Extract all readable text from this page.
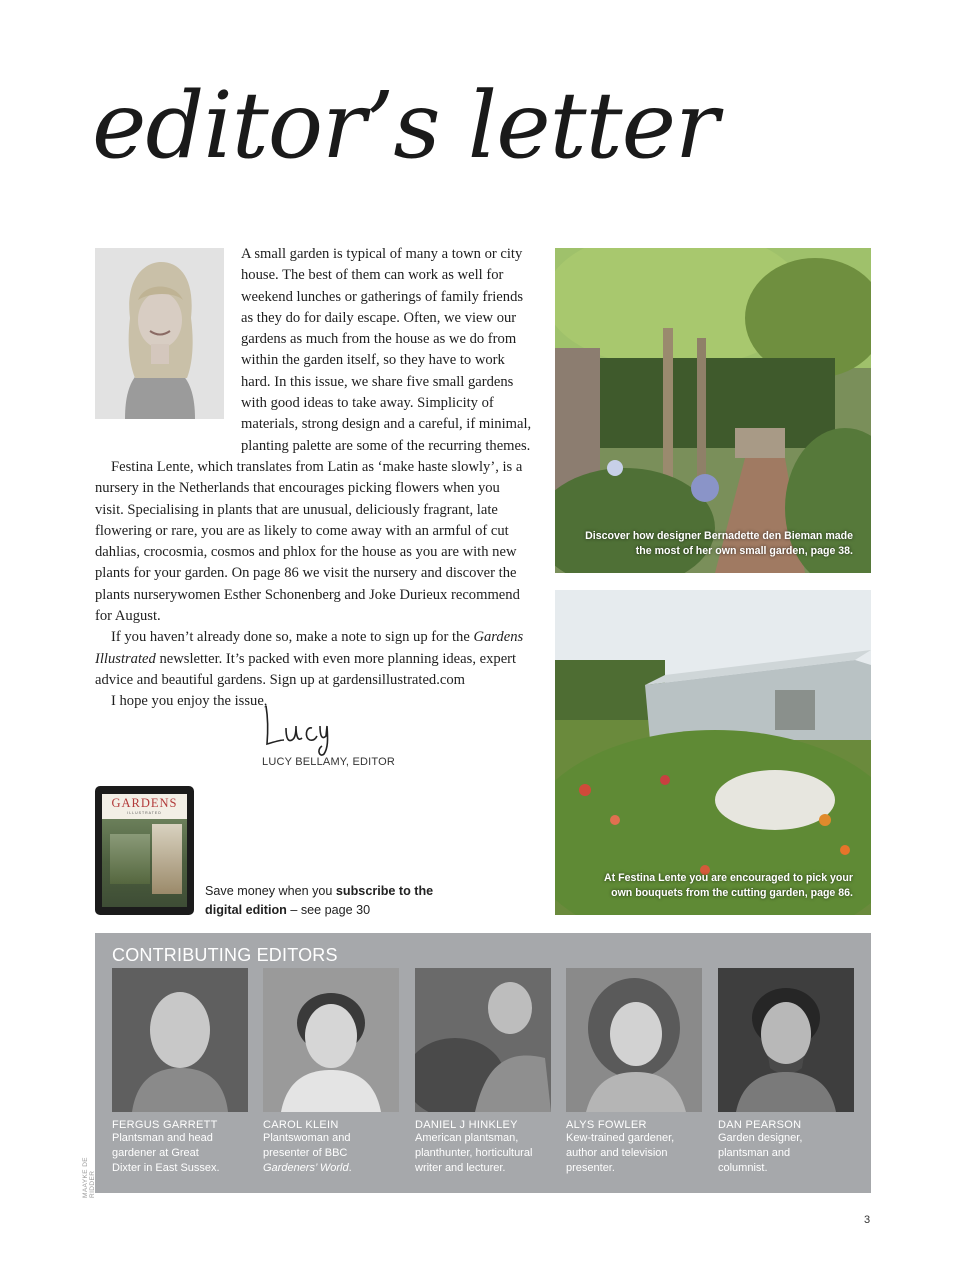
editor’s letter

A small garden is typical of many a town or city house. The best of them can work as well for weekend lunches or gatherings of family friends as they do for daily escape. Often, we view our gardens as much from the house as we do from within the garden itself, so they have to work hard. In this issue, we share five small gardens with good ideas to take away. Simplicity of materials, strong design and a careful, if minimal, planting palette are some of the recurring themes.

Festina Lente, which translates from Latin as ‘make haste slowly’, is a nursery in the Netherlands that encourages picking flowers when you visit. Specialising in plants that are unusual, deliciously fragrant, late flowering or rare, you are as likely to come away with an armful of cut dahlias, crocosmia, cosmos and phlox for the house as you are with new plants for your garden. On page 86 we visit the nursery and discover the plants nurserywomen Esther Schonenberg and Joke Durieux recommend for August.

If you haven’t already done so, make a note to sign up for the Gardens Illustrated newsletter. It’s packed with even more planning ideas, expert advice and beautiful gardens. Sign up at gardensillustrated.com

I hope you enjoy the issue,

LUCY BELLAMY, EDITOR
GARDENS
ILLUSTRATED
Save money when you subscribe to the digital edition – see page 30
Discover how designer Bernadette den Bieman made the most of her own small garden, page 38.
At Festina Lente you are encouraged to pick your own bouquets from the cutting garden, page 86.
CONTRIBUTING EDITORS
FERGUS GARRETT
Plantsman and head
gardener at Great
Dixter in East Sussex.
CAROL KLEIN
Plantswoman and
presenter of BBC
Gardeners’ World.
DANIEL J HINKLEY
American plantsman,
planthunter, horticultural
writer and lecturer.
ALYS FOWLER
Kew-trained gardener,
author and television
presenter.
DAN PEARSON
Garden designer,
plantsman and
columnist.
MAAYKE DE RIDDER
3
